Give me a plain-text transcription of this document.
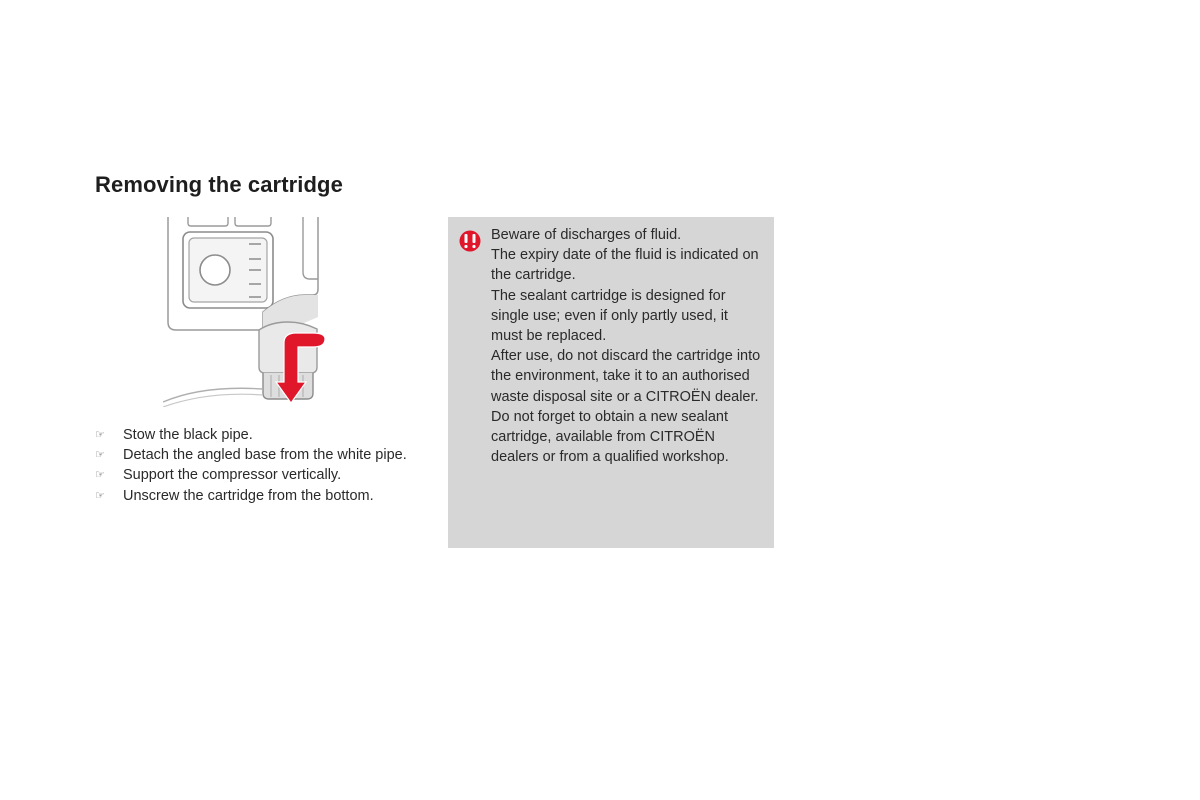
Removing the cartridge
☞ Stow the black pipe.
☞ Detach the angled base from the white pipe.
☞ Support the compressor vertically.
☞ Unscrew the cartridge from the bottom.

Beware of discharges of fluid.

The expiry date of the fluid is indicated on the cartridge.

The sealant cartridge is designed for single use; even if only partly used, it must be replaced.

After use, do not discard the cartridge into the environment, take it to an authorised waste disposal site or a CITROËN dealer.

Do not forget to obtain a new sealant cartridge, available from CITROËN dealers or from a qualified workshop.
